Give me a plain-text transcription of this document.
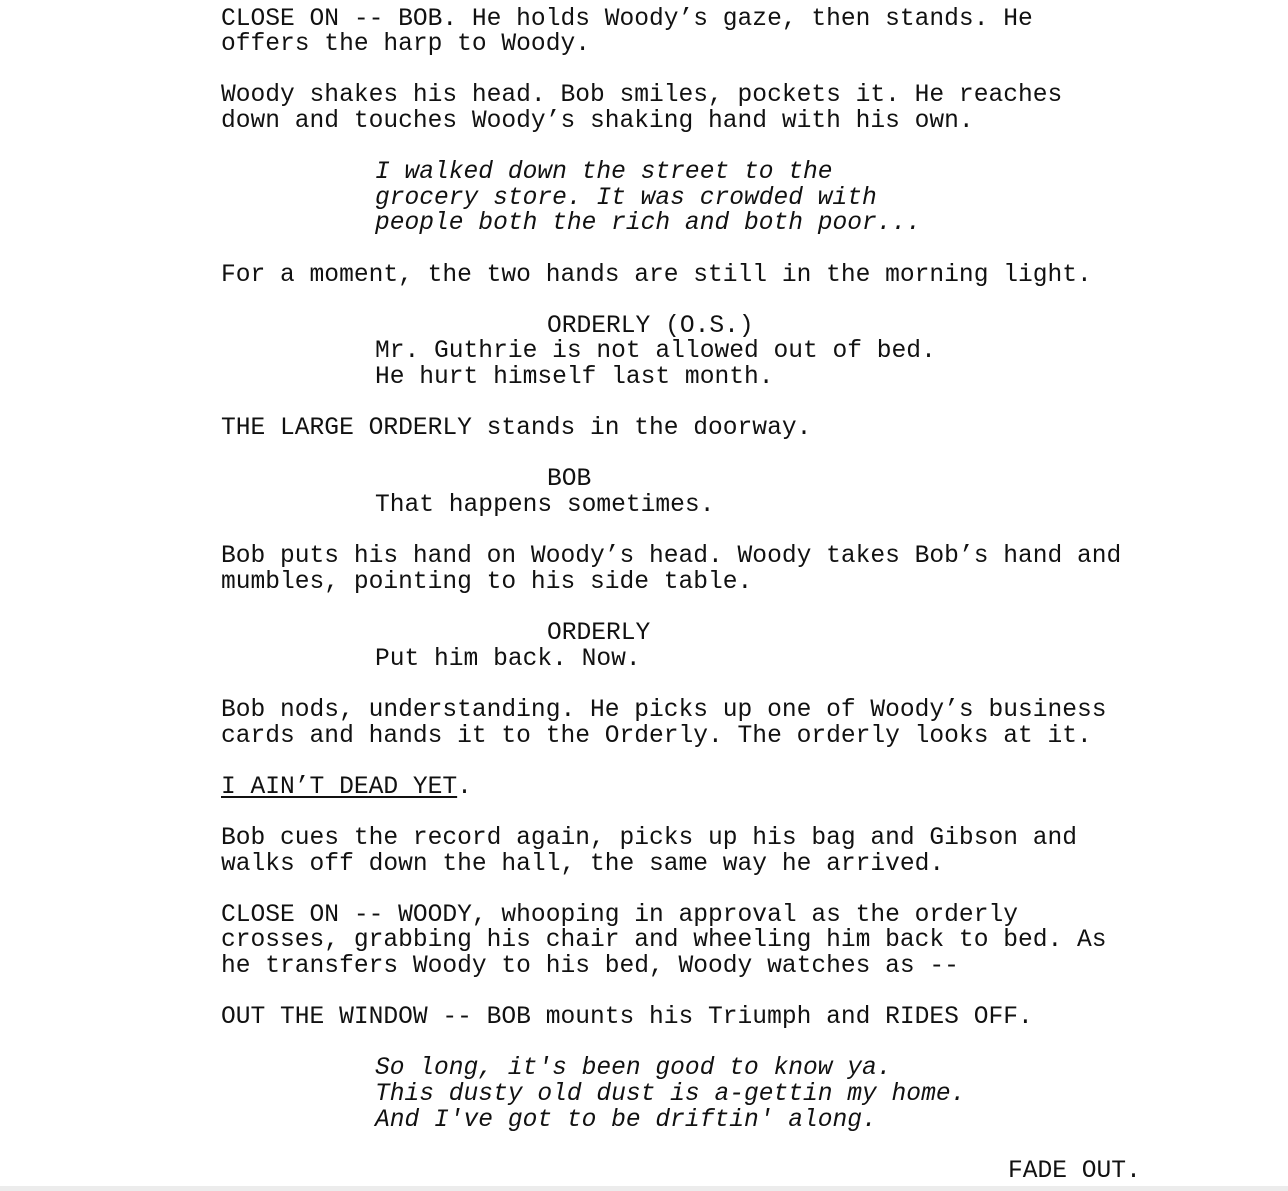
CLOSE ON -- BOB. He holds Woody’s gaze, then stands. He

offers the harp to Woody.

Woody shakes his head. Bob smiles, pockets it. He reaches

down and touches Woody’s shaking hand with his own.

I walked down the street to the

grocery store. It was crowded with

people both the rich and both poor...

For a moment, the two hands are still in the morning light.

ORDERLY (O.S.)

Mr. Guthrie is not allowed out of bed.

He hurt himself last month.

THE LARGE ORDERLY stands in the doorway.

BOB

That happens sometimes.

Bob puts his hand on Woody’s head. Woody takes Bob’s hand and

mumbles, pointing to his side table.

ORDERLY

Put him back. Now.

Bob nods, understanding. He picks up one of Woody’s business

cards and hands it to the Orderly. The orderly looks at it.

I AIN’T DEAD YET.

Bob cues the record again, picks up his bag and Gibson and

walks off down the hall, the same way he arrived.

CLOSE ON -- WOODY, whooping in approval as the orderly

crosses, grabbing his chair and wheeling him back to bed. As

he transfers Woody to his bed, Woody watches as --

OUT THE WINDOW -- BOB mounts his Triumph and RIDES OFF.

So long, it's been good to know ya.

This dusty old dust is a-gettin my home.

And I've got to be driftin' along.

FADE OUT.
